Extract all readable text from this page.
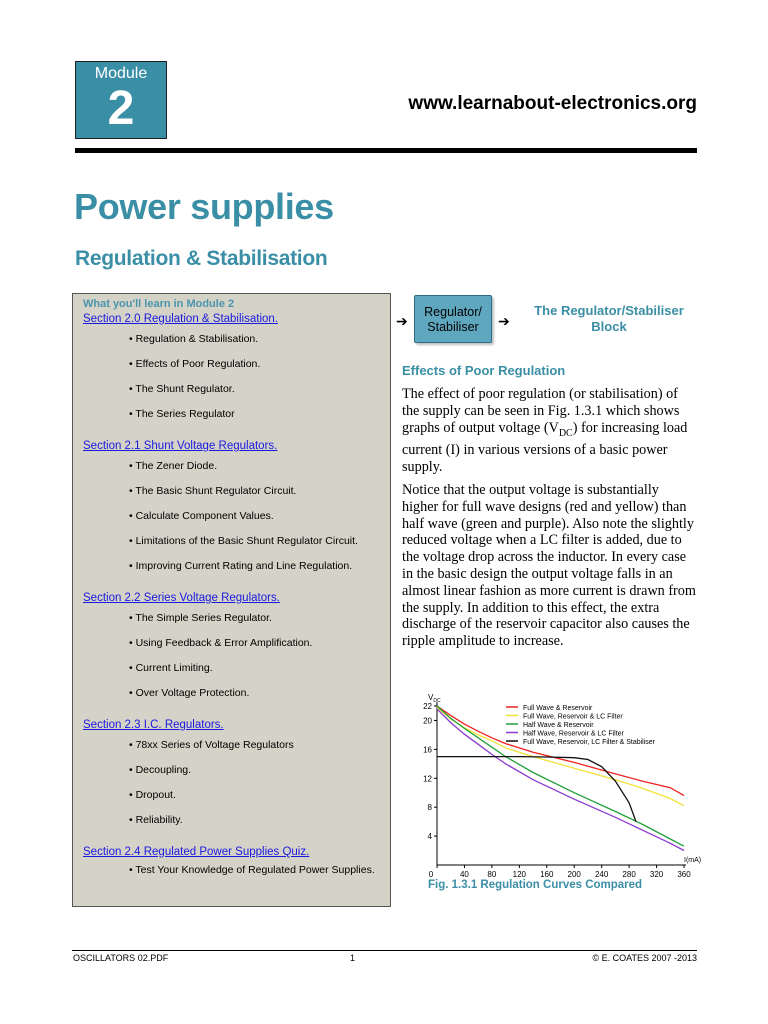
Module
2	www.learnabout-electronics.org
Power supplies
Regulation & Stabilisation
What you'll learn in Module 2
Section 2.0 Regulation & Stabilisation.
• Regulation & Stabilisation.
• Effects of Poor Regulation.
• The Shunt Regulator.
• The Series Regulator
Section 2.1 Shunt Voltage Regulators.
• The Zener Diode.
• The Basic Shunt Regulator Circuit.
• Calculate Component Values.
• Limitations of the Basic Shunt Regulator Circuit.
• Improving Current Rating and Line Regulation.
Section 2.2 Series Voltage Regulators.
• The Simple Series Regulator.
• Using Feedback & Error Amplification.
• Current Limiting.
• Over Voltage Protection.
Section 2.3 I.C. Regulators.
• 78xx Series of Voltage Regulators
• Decoupling.
• Dropout.
• Reliability.
Section 2.4 Regulated Power Supplies Quiz.
• Test Your Knowledge of Regulated Power Supplies.
➔
Regulator/
Stabiliser	➔
The Regulator/Stabiliser Block
Effects of Poor Regulation

The effect of poor regulation (or stabilisation) of the supply can be seen in Fig. 1.3.1 which shows graphs of output voltage $(V_{DC})$ for increasing load current (I) in various versions of a basic power supply.

Notice that the output voltage is substantially higher for full wave designs (red and yellow) than half wave (green and purple). Also note the slightly reduced voltage when a LC filter is added, due to the voltage drop across the inductor. In every case in the basic design the output voltage falls in an almost linear fashion as more current is drawn from the supply. In addition to this effect, the extra discharge of the reservoir capacitor also causes the ripple amplitude to increase.

4
8
12
16
20
22
0	40 80 120 160 200 240 280 320 360
$V_{DC}$
I(mA)
Full Wave & Reservoir
Full Wave, Reservoir & LC Filter
Half Wave & Reservoir
Half Wave, Reservoir & LC Filter
Full Wave, Reservoir, LC Filter & Stabiliser

Fig. 1.3.1 Regulation Curves Compared

OSCILLATORS 02.PDF	1	© E. COATES 2007 -2013
